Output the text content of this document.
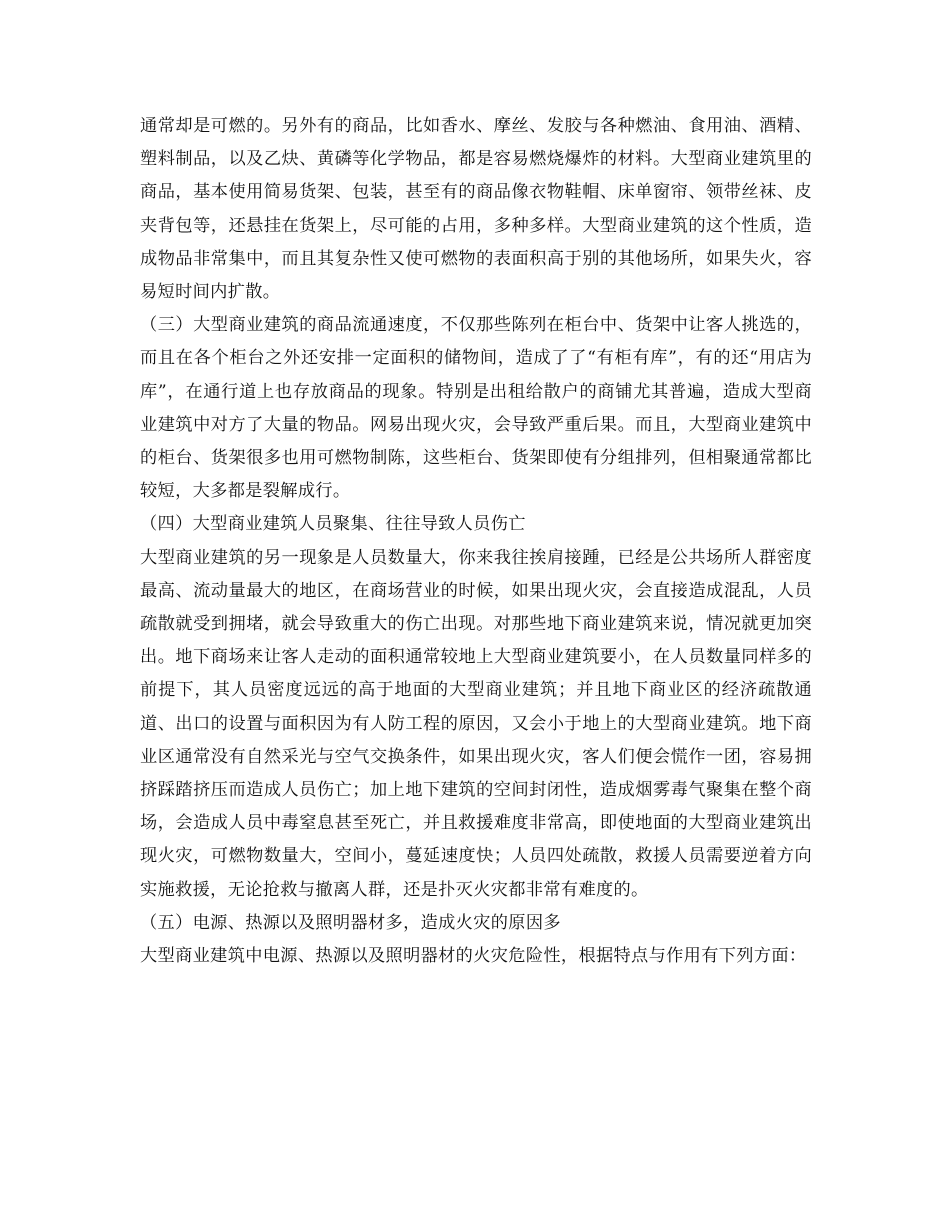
通常却是可燃的。另外有的商品，比如香水、摩丝、发胶与各种燃油、食用油、酒精、塑料制品，以及乙炔、黄磷等化学物品，都是容易燃烧爆炸的材料。大型商业建筑里的商品，基本使用简易货架、包装，甚至有的商品像衣物鞋帽、床单窗帘、领带丝袜、皮夹背包等，还悬挂在货架上，尽可能的占用，多种多样。大型商业建筑的这个性质，造成物品非常集中，而且其复杂性又使可燃物的表面积高于别的其他场所，如果失火，容易短时间内扩散。

（三）大型商业建筑的商品流通速度，不仅那些陈列在柜台中、货架中让客人挑选的，而且在各个柜台之外还安排一定面积的储物间，造成了了“有柜有库”，有的还“用店为库”，在通行道上也存放商品的现象。特别是出租给散户的商铺尤其普遍，造成大型商业建筑中对方了大量的物品。网易出现火灾，会导致严重后果。而且，大型商业建筑中的柜台、货架很多也用可燃物制陈，这些柜台、货架即使有分组排列，但相聚通常都比较短，大多都是裂解成行。

（四）大型商业建筑人员聚集、往往导致人员伤亡

大型商业建筑的另一现象是人员数量大，你来我往挨肩接踵，已经是公共场所人群密度最高、流动量最大的地区，在商场营业的时候，如果出现火灾，会直接造成混乱，人员疏散就受到拥堵，就会导致重大的伤亡出现。对那些地下商业建筑来说，情况就更加突出。地下商场来让客人走动的面积通常较地上大型商业建筑要小，在人员数量同样多的前提下，其人员密度远远的高于地面的大型商业建筑；并且地下商业区的经济疏散通道、出口的设置与面积因为有人防工程的原因，又会小于地上的大型商业建筑。地下商业区通常没有自然采光与空气交换条件，如果出现火灾，客人们便会慌作一团，容易拥挤踩踏挤压而造成人员伤亡；加上地下建筑的空间封闭性，造成烟雾毒气聚集在整个商场，会造成人员中毒窒息甚至死亡，并且救援难度非常高，即使地面的大型商业建筑出现火灾，可燃物数量大，空间小，蔓延速度快；人员四处疏散，救援人员需要逆着方向实施救援，无论抢救与撤离人群，还是扑灭火灾都非常有难度的。

（五）电源、热源以及照明器材多，造成火灾的原因多

大型商业建筑中电源、热源以及照明器材的火灾危险性，根据特点与作用有下列方面：
